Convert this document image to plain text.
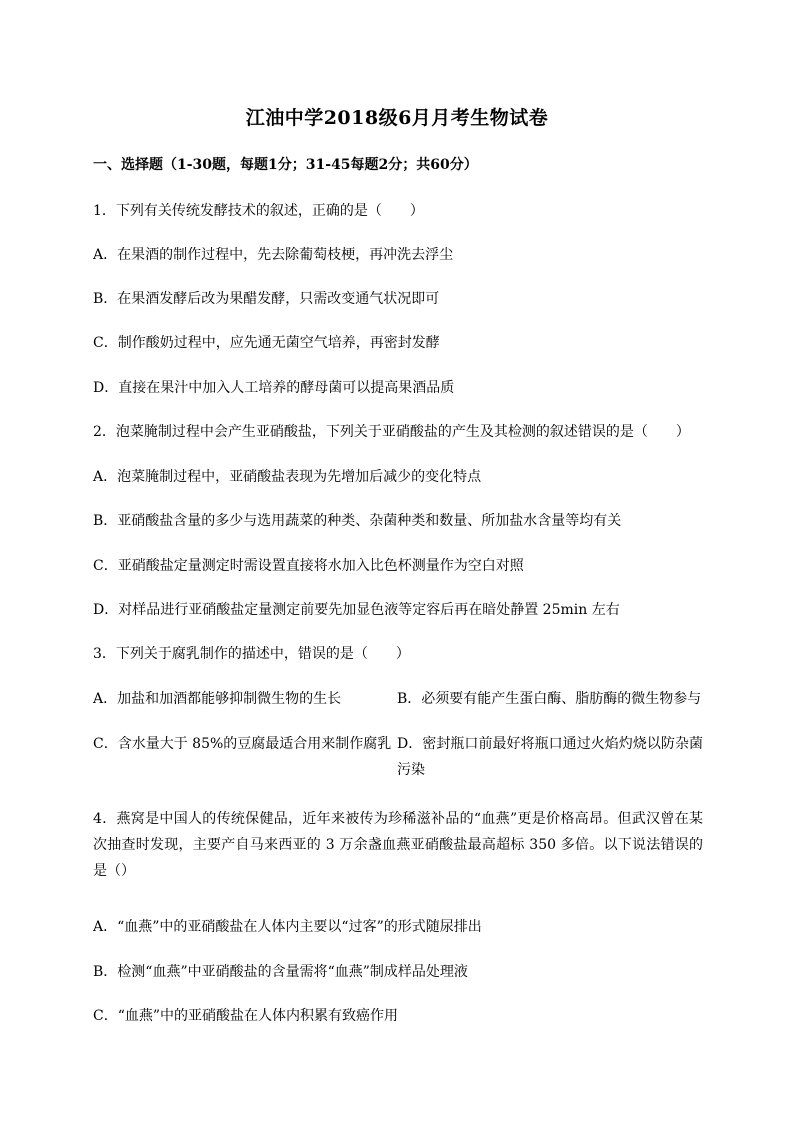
江油中学2018级6月月考生物试卷
一、选择题（1-30题，每题1分；31-45每题2分；共60分）
1．下列有关传统发酵技术的叙述，正确的是（　　）
A．在果酒的制作过程中，先去除葡萄枝梗，再冲洗去浮尘
B．在果酒发酵后改为果醋发酵，只需改变通气状况即可
C．制作酸奶过程中，应先通无菌空气培养，再密封发酵
D．直接在果汁中加入人工培养的酵母菌可以提高果酒品质
2．泡菜腌制过程中会产生亚硝酸盐，下列关于亚硝酸盐的产生及其检测的叙述错误的是（　　）
A．泡菜腌制过程中，亚硝酸盐表现为先增加后减少的变化特点
B．亚硝酸盐含量的多少与选用蔬菜的种类、杂菌种类和数量、所加盐水含量等均有关
C．亚硝酸盐定量测定时需设置直接将水加入比色杯测量作为空白对照
D．对样品进行亚硝酸盐定量测定前要先加显色液等定容后再在暗处静置 25min 左右
3．下列关于腐乳制作的描述中，错误的是（　　）
A．加盐和加酒都能够抑制微生物的生长	B．必须要有能产生蛋白酶、脂肪酶的微生物参与
C．含水量大于 85%的豆腐最适合用来制作腐乳 D．密封瓶口前最好将瓶口通过火焰灼烧以防杂菌污染
4．燕窝是中国人的传统保健品，近年来被传为珍稀滋补品的“血燕”更是价格高昂。但武汉曾在某次抽查时发现，主要产自马来西亚的 3 万余盏血燕亚硝酸盐最高超标 350 多倍。以下说法错误的是（）
A．“血燕”中的亚硝酸盐在人体内主要以“过客”的形式随尿排出
B．检测“血燕”中亚硝酸盐的含量需将“血燕”制成样品处理液
C．“血燕”中的亚硝酸盐在人体内积累有致癌作用
